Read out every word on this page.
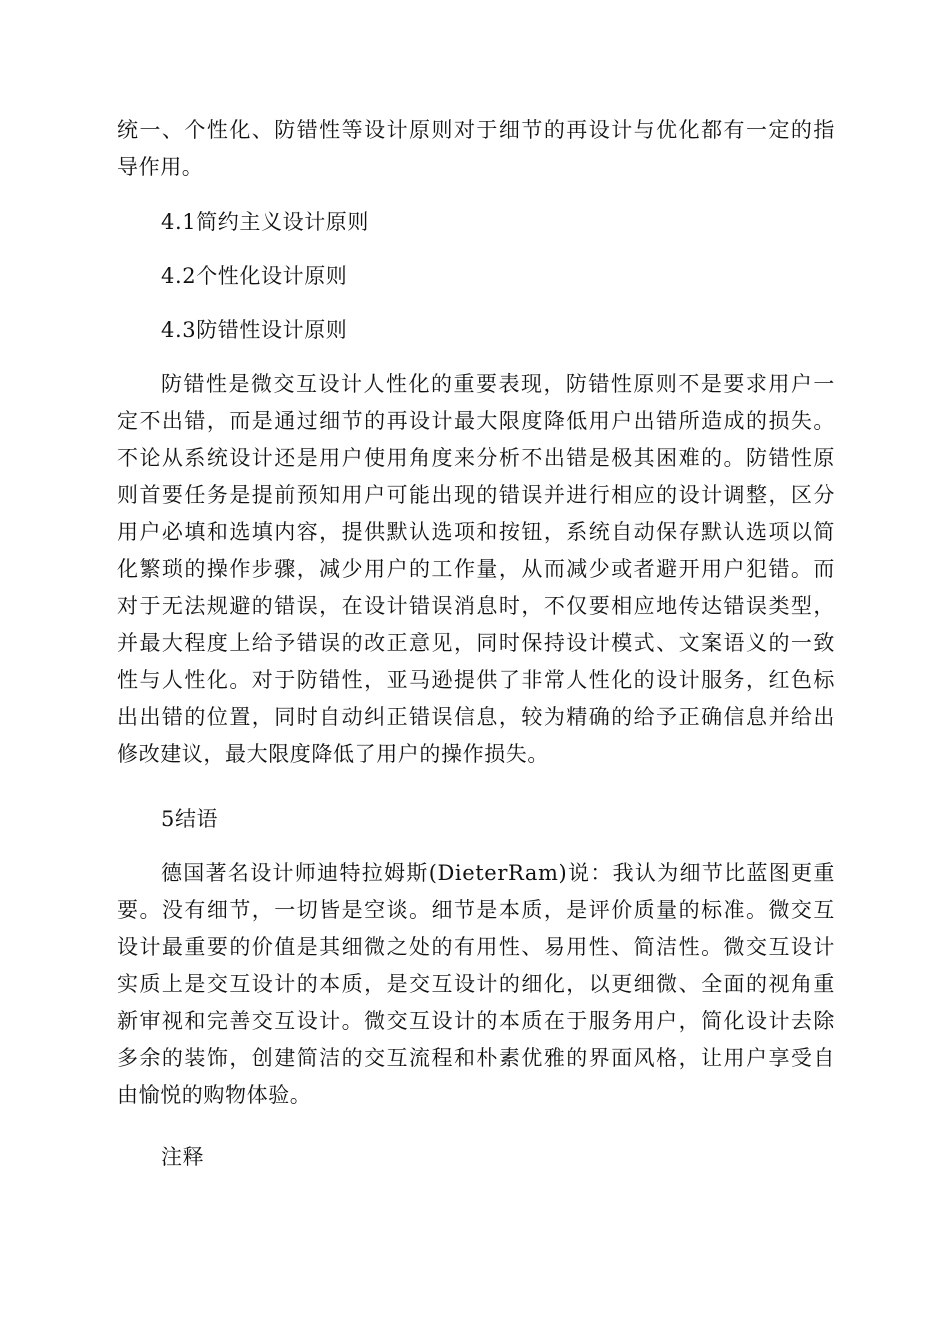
统一、个性化、防错性等设计原则对于细节的再设计与优化都有一定的指
导作用。
4.1简约主义设计原则
4.2个性化设计原则
4.3防错性设计原则
防错性是微交互设计人性化的重要表现，防错性原则不是要求用户一
定不出错，而是通过细节的再设计最大限度降低用户出错所造成的损失。
不论从系统设计还是用户使用角度来分析不出错是极其困难的。防错性原
则首要任务是提前预知用户可能出现的错误并进行相应的设计调整，区分
用户必填和选填内容，提供默认选项和按钮，系统自动保存默认选项以简
化繁琐的操作步骤，减少用户的工作量，从而减少或者避开用户犯错。而
对于无法规避的错误，在设计错误消息时，不仅要相应地传达错误类型，
并最大程度上给予错误的改正意见，同时保持设计模式、文案语义的一致
性与人性化。对于防错性，亚马逊提供了非常人性化的设计服务，红色标
出出错的位置，同时自动纠正错误信息，较为精确的给予正确信息并给出
修改建议，最大限度降低了用户的操作损失。
5结语
德国著名设计师迪特拉姆斯(DieterRam)说：我认为细节比蓝图更重
要。没有细节，一切皆是空谈。细节是本质，是评价质量的标准。微交互
设计最重要的价值是其细微之处的有用性、易用性、简洁性。微交互设计
实质上是交互设计的本质，是交互设计的细化，以更细微、全面的视角重
新审视和完善交互设计。微交互设计的本质在于服务用户，简化设计去除
多余的装饰，创建简洁的交互流程和朴素优雅的界面风格，让用户享受自
由愉悦的购物体验。
注释
